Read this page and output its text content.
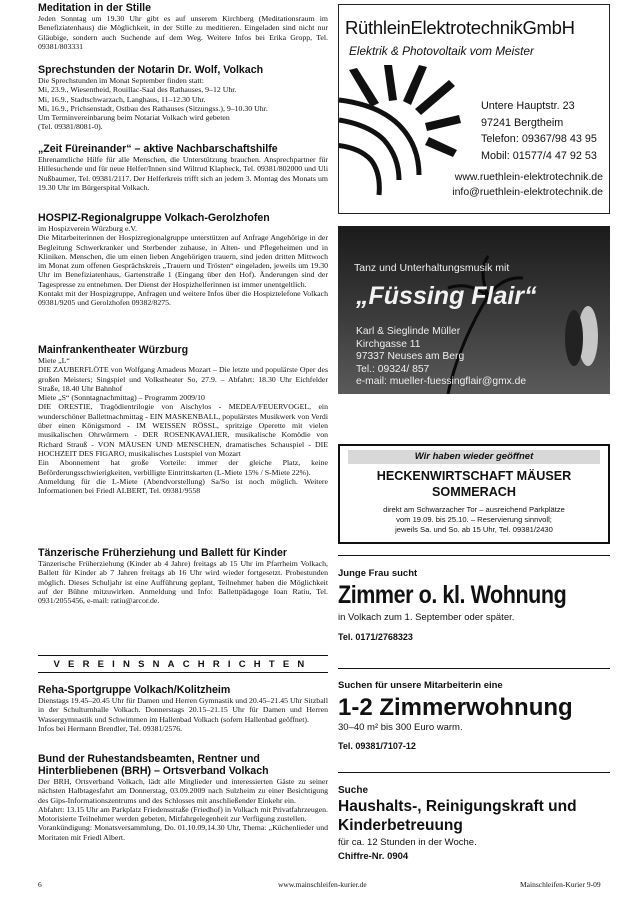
Meditation in der Stille

Jeden Sonntag um 19.30 Uhr gibt es auf unserem Kirchberg (Meditationsraum im Benefiziatenhaus) die Möglichkeit, in der Stille zu meditieren. Eingeladen sind nicht nur Gläubige, sondern auch Suchende auf dem Weg. Weitere Infos bei Erika Gropp, Tel. 09381/803331

Sprechstunden der Notarin Dr. Wolf, Volkach

Die Sprechstunden im Monat September finden statt:
Mi, 23.9., Wiesentheid, Rouillac-Saal des Rathauses, 9–12 Uhr.
Mi, 16.9., Stadtschwarzach, Langhaus, 11–12.30 Uhr.
Mi, 16.9., Prichsenstadt, Ostbau des Rathauses (Sitzungss.), 9–10.30 Uhr.
Um Terminvereinbarung beim Notariat Volkach wird gebeten
(Tel. 09381/8081-0).

„Zeit Füreinander“ – aktive Nachbarschaftshilfe

Ehrenamtliche Hilfe für alle Menschen, die Unterstützung brauchen. Ansprechpartner für Hillesuchende und für neue Helfer/Innen sind Wiltrud Klapheck, Tel. 09381/802000 und Uli Nußbaumer, Tel. 09381/2117. Der Helferkreis trifft sich an jedem 3. Montag des Monats um 19.30 Uhr im Bürgerspital Volkach.

HOSPIZ-Regionalgruppe Volkach-Gerolzhofen

im Hospizverein Würzburg e.V.
Die Mitarbeiterinnen der Hospizregionalgruppe unterstützen auf Anfrage Angehörige in der Begleitung Schwerkranker und Sterbender zuhause, in Alten- und Pflegeheimen und in Kliniken. Menschen, die um einen lieben Angehörigen trauern, sind jeden dritten Mittwoch im Monat zum offenen Gesprächskreis „Trauern und Trösten“ eingeladen, jeweils um 19.30 Uhr im Benefiziatenhaus, Gartenstraße 1 (Eingang über den Hof). Änderungen sind der Tagespresse zu entnehmen. Der Dienst der Hospizhelferinnen ist immer unentgeltlich.
Kontakt mit der Hospizgruppe, Anfragen und weitere Infos über die Hospiztelefone Volkach 09381/9205 und Gerolzhofen 09382/8275.

Mainfrankentheater Würzburg

Miete „L“
DIE ZAUBERFLÖTE von Wolfgang Amadeus Mozart – Die letzte und populärste Oper des großen Meisters; Singspiel und Volkstheater So, 27.9. – Abfahrt: 18.30 Uhr Eichfelder Straße, 18.40 Uhr Bahnhof
Miete „S“ (Sonntagnachmittag) – Programm 2009/10
DIE ORESTIE, Tragödientrilogie von Aischylos - MEDEA/FEUERVOGEL, ein wunderschöner Ballettnachmittag - EIN MASKENBALL, populärstes Musikwerk von Verdi über einen Königsmord - IM WEISSEN RÖSSL, spritzige Operette mit vielen musikalischen Ohrwürmern - DER ROSENKAVALIER, musikalische Komödie von Richard Strauß - VON MÄUSEN UND MENSCHEN, dramatisches Schauspiel - DIE HOCHZEIT DES FIGARO, musikalisches Lustspiel von Mozart
Ein Abonnement hat große Vorteile: immer der gleiche Platz, keine Beförderungsschwierigkeiten, verbilligte Eintrittskarten (L-Miete 15% / S-Miete 22%).
Anmeldung für die L-Miete (Abendvorstellung) Sa/So ist noch möglich. Weitere Informationen bei Friedl ALBERT, Tel. 09381/9558

Tänzerische Früherziehung und Ballett für Kinder

Tänzerische Früherziehung (Kinder ab 4 Jahre) freitags ab 15 Uhr im Pfarrheim Volkach, Ballett für Kinder ab 7 Jahren freitags ab 16 Uhr wird wieder fortgesetzt. Probestunden möglich. Dieses Schuljahr ist eine Aufführung geplant, Teilnehmer haben die Möglichkeit auf der Bühne mitzuwirken. Anmeldung und Info: Ballettpädagoge Ioan Ratiu, Tel. 0931/2055456, e-mail: ratiu@arcor.de.

VEREINSNACHRICHTEN
Reha-Sportgruppe Volkach/Kolitzheim

Dienstags 19.45–20.45 Uhr für Damen und Herren Gymnastik und 20.45–21.45 Uhr Sitzball in der Schulturnhalle Volkach. Donnerstags 20.15–21.15 Uhr für Damen und Herren Wassergymnastik und Schwimmen im Hallenbad Volkach (sofern Hallenbad geöffnet).
Infos bei Hermann Brendler, Tel. 09381/2576.

Bund der Ruhestandsbeamten, Rentner und Hinterbliebenen (BRH) – Ortsverband Volkach

Der BRH, Ortsverband Volkach, lädt alle Mitglieder und interessierten Gäste zu seiner nächsten Halbtagesfahrt am Donnerstag, 03.09.2009 nach Sulzheim zu einer Besichtigung des Gips-Informationszentrums und des Schlosses mit anschließender Einkehr ein.
Abfahrt: 13.15 Uhr am Parkplatz Friedensstraße (Friedhof) in Volkach mit Privatfahrzeugen. Motorisierte Teilnehmer werden gebeten, Mitfahrgelegenheit zur Verfügung zustellen.
Vorankündigung: Monatsversammlung, Do. 01.10.09,14.30 Uhr, Thema: „Küchenlieder und Moritaten mit Friedl Albert.

RüthleinElektrotechnikGmbH
Elektrik & Photovoltaik vom Meister
Untere Hauptstr. 23
97241 Bergtheim
Telefon: 09367/98 43 95
Mobil: 01577/4 47 92 53
www.ruethlein-elektrotechnik.de
info@ruethlein-elektrotechnik.de
Tanz und Unterhaltungsmusik mit
„Füssing Flair“
Karl & Sieglinde Müller
Kirchgasse 11
97337 Neuses am Berg
Tel.: 09324/ 857
e-mail: mueller-fuessingflair@gmx.de
Wir haben wieder geöffnet
HECKENWIRTSCHAFT MÄUSER
SOMMERACH
direkt am Schwarzacher Tor – ausreichend Parkplätze
vom 19.09. bis 25.10. – Reservierung sinnvoll;
jeweils Sa. und So. ab 15 Uhr, Tel. 09381/2430
Junge Frau sucht
Zimmer o. kl. Wohnung
in Volkach zum 1. September oder später.
Tel. 0171/2768323
Suchen für unsere Mitarbeiterin eine
1-2 Zimmerwohnung
30–40 m² bis 300 Euro warm.
Tel. 09381/7107-12
Suche
Haushalts-, Reinigungskraft und Kinderbetreuung
für ca. 12 Stunden in der Woche.
Chiffre-Nr. 0904
6	www.mainschleifen-kurier.de	Mainschleifen-Kurier 9-09
